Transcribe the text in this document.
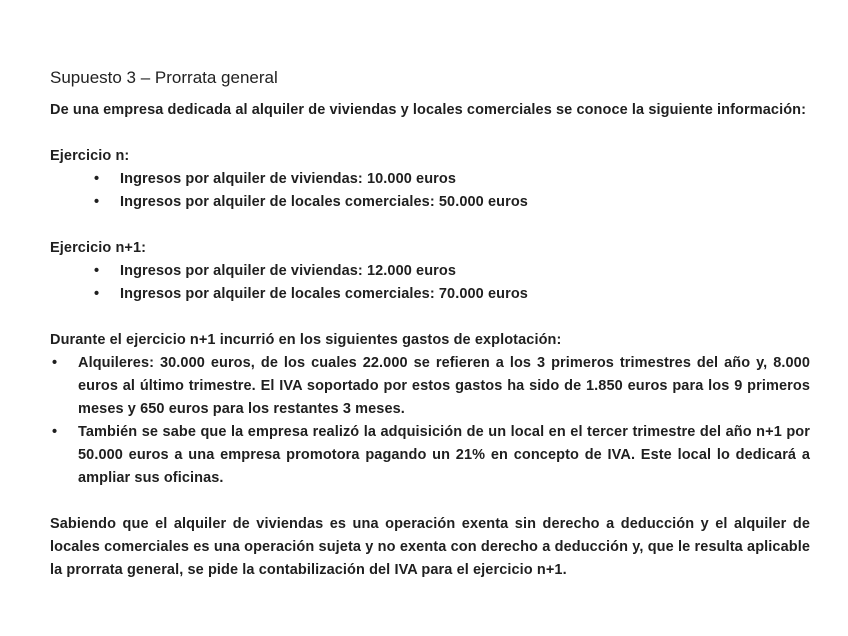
Supuesto 3 – Prorrata general
De una empresa dedicada al alquiler de viviendas y locales comerciales se conoce la siguiente información:
Ejercicio n:
• Ingresos por alquiler de viviendas: 10.000 euros
• Ingresos por alquiler de locales comerciales: 50.000 euros
Ejercicio n+1:
• Ingresos por alquiler de viviendas: 12.000 euros
• Ingresos por alquiler de locales comerciales: 70.000 euros
Durante el ejercicio n+1 incurrió en los siguientes gastos de explotación:
• Alquileres: 30.000 euros, de los cuales 22.000 se refieren a los 3 primeros trimestres del año y, 8.000 euros al último trimestre. El IVA soportado por estos gastos ha sido de 1.850 euros para los 9 primeros meses y 650 euros para los restantes 3 meses.
• También se sabe que la empresa realizó la adquisición de un local en el tercer trimestre del año n+1 por 50.000 euros a una empresa promotora pagando un 21% en concepto de IVA. Este local lo dedicará a ampliar sus oficinas.
Sabiendo que el alquiler de viviendas es una operación exenta sin derecho a deducción y el alquiler de locales comerciales es una operación sujeta y no exenta con derecho a deducción y, que le resulta aplicable la prorrata general, se pide la contabilización del IVA para el ejercicio n+1.
